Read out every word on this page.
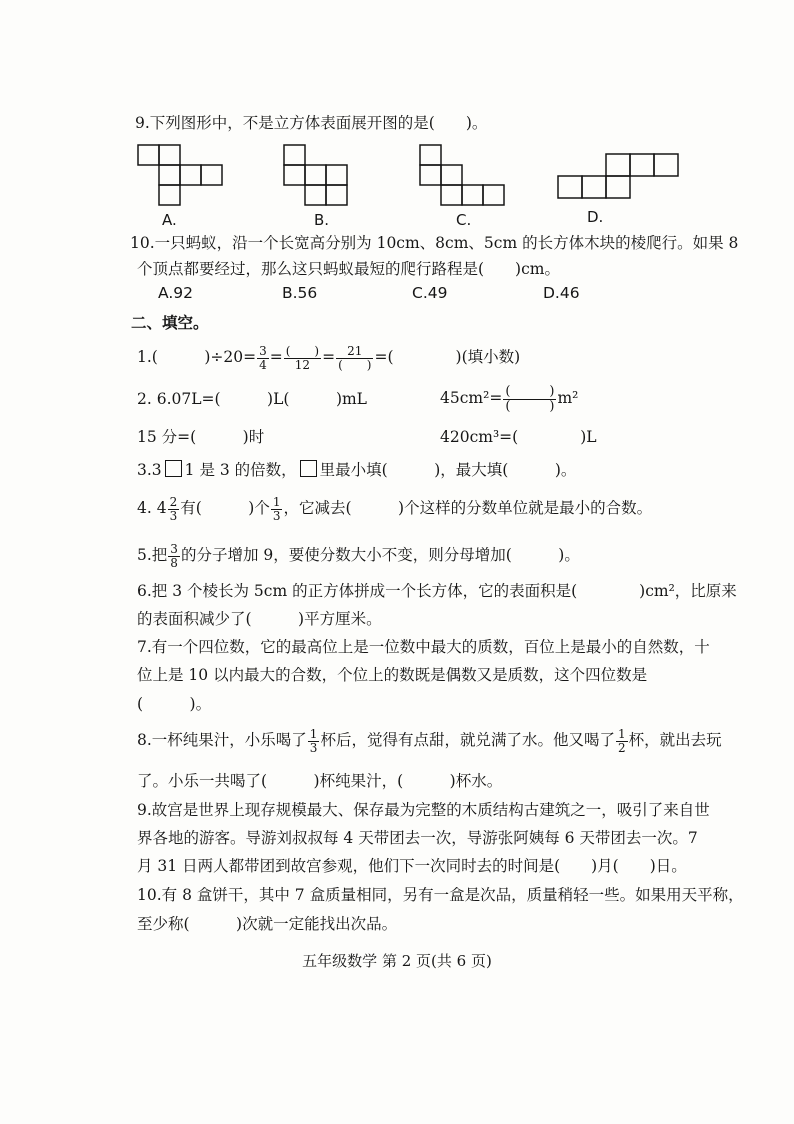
9.下列图形中，不是立方体表面展开图的是(　　)。
A.	B.	C.	D.
10.一只蚂蚁，沿一个长宽高分别为 10cm、8cm、5cm 的长方体木块的棱爬行。如果 8
个顶点都要经过，那么这只蚂蚁最短的爬行路程是(　　)cm。
A.92	B.56	C.49	D.46
二、填空。
1.(　　　)$\div 20= \frac{3}{4} = \frac{( )}{12} = \frac{21}{( )}$ =(　　　　)(填小数)
2. 6.07L=(　　　)L(　　　)mL	$45cm^2= \frac{( )}{( )} m^2$
15 分=(　　　)时	420cm³=(　　　　)L
3.3 1 是 3 的倍数， 里最小填(　　　)，最大填(　　　)。
4. $4 \frac{2}{3}$ 有(　　　)个 $\frac{1}{3}$ ，它减去(　　　)个这样的分数单位就是最小的合数。
5.把 $\frac{3}{8}$ 的分子增加 9，要使分数大小不变，则分母增加(　　　)。
6.把 3 个棱长为 5cm 的正方体拼成一个长方体，它的表面积是(　　　　)cm²，比原来
的表面积减少了(　　　)平方厘米。
7.有一个四位数，它的最高位上是一位数中最大的质数，百位上是最小的自然数，十
位上是 10 以内最大的合数，个位上的数既是偶数又是质数，这个四位数是
(　　　)。
8.一杯纯果汁，小乐喝了 $\frac{1}{3}$ 杯后，觉得有点甜，就兑满了水。他又喝了 $\frac{1}{2}$ 杯，就出去玩
了。小乐一共喝了(　　　)杯纯果汁，(　　　)杯水。
9.故宫是世界上现存规模最大、保存最为完整的木质结构古建筑之一，吸引了来自世
界各地的游客。导游刘叔叔每 4 天带团去一次，导游张阿姨每 6 天带团去一次。7
月 31 日两人都带团到故宫参观，他们下一次同时去的时间是(　　)月(　　)日。
10.有 8 盒饼干，其中 7 盒质量相同，另有一盒是次品，质量稍轻一些。如果用天平称，
至少称(　　　)次就一定能找出次品。
五年级数学 第 2 页(共 6 页)
